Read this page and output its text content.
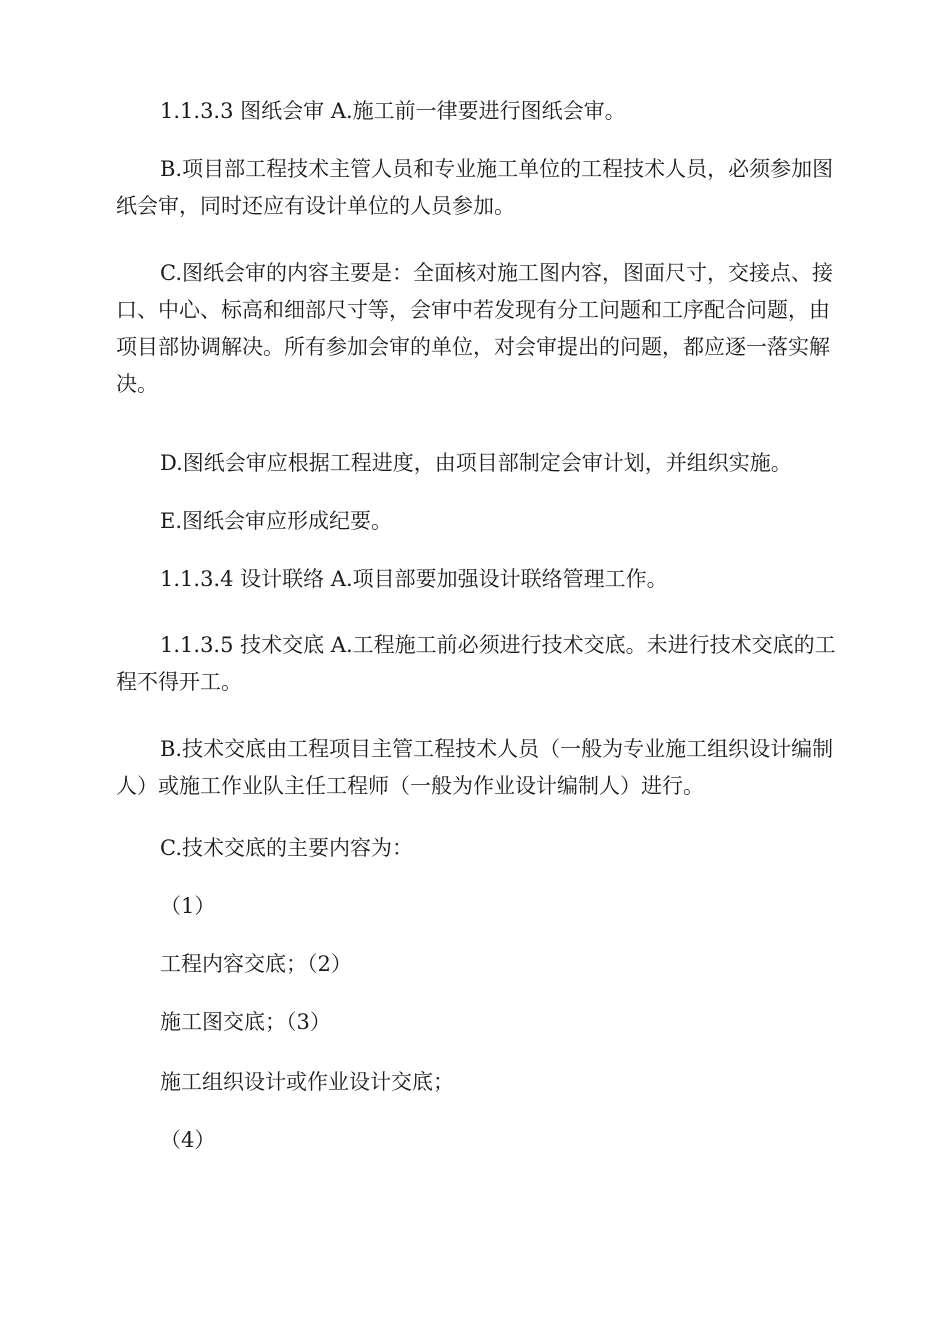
1.1.3.3 图纸会审 A.施工前一律要进行图纸会审。

B.项目部工程技术主管人员和专业施工单位的工程技术人员，必须参加图纸会审，同时还应有设计单位的人员参加。

C.图纸会审的内容主要是：全面核对施工图内容，图面尺寸，交接点、接口、中心、标高和细部尺寸等，会审中若发现有分工问题和工序配合问题，由项目部协调解决。所有参加会审的单位，对会审提出的问题，都应逐一落实解决。

D.图纸会审应根据工程进度，由项目部制定会审计划，并组织实施。

E.图纸会审应形成纪要。

1.1.3.4 设计联络 A.项目部要加强设计联络管理工作。

1.1.3.5 技术交底 A.工程施工前必须进行技术交底。未进行技术交底的工程不得开工。

B.技术交底由工程项目主管工程技术人员（一般为专业施工组织设计编制人）或施工作业队主任工程师（一般为作业设计编制人）进行。

C.技术交底的主要内容为：

（1）

工程内容交底；（2）

施工图交底；（3）

施工组织设计或作业设计交底；

（4）
